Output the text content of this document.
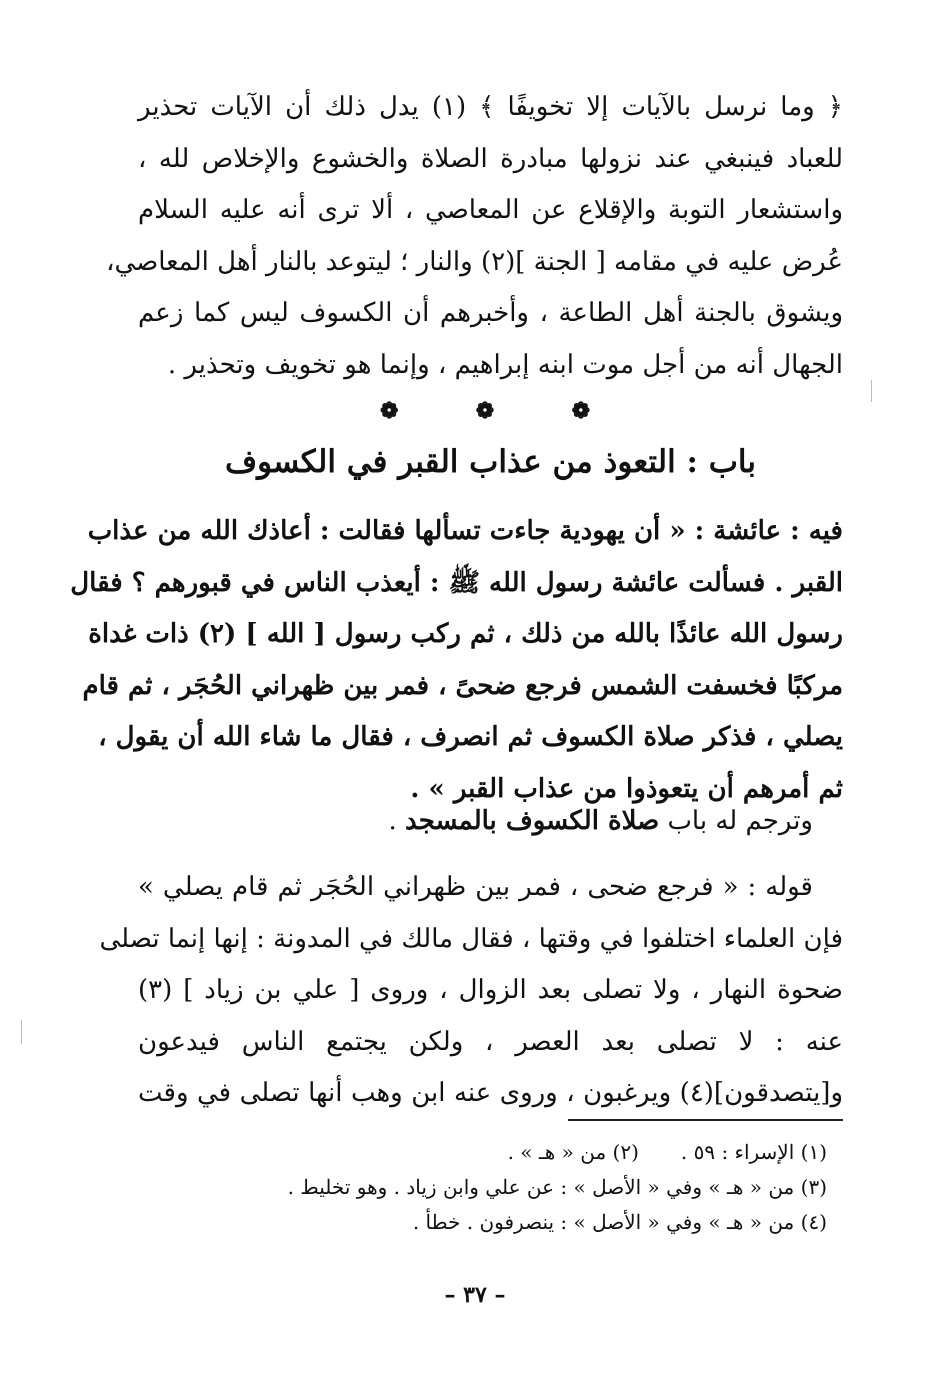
﴿ وما نرسل بالآيات إلا تخويفًا ﴾ (١) يدل ذلك أن الآيات تحذير
للعباد فينبغي عند نزولها مبادرة الصلاة والخشوع والإخلاص لله ،
واستشعار التوبة والإقلاع عن المعاصي ، ألا ترى أنه عليه السلام
عُرض عليه في مقامه [ الجنة ](٢) والنار ؛ ليتوعد بالنار أهل المعاصي،
ويشوق بالجنة أهل الطاعة ، وأخبرهم أن الكسوف ليس كما زعم
الجهال أنه من أجل موت ابنه إبراهيم ، وإنما هو تخويف وتحذير .
❁	❁	❁
باب : التعوذ من عذاب القبر في الكسوف
فيه : عائشة : « أن يهودية جاءت تسألها فقالت : أعاذك الله من عذاب
القبر . فسألت عائشة رسول الله ﷺ : أيعذب الناس في قبورهم ؟ فقال
رسول الله عائذًا بالله من ذلك ، ثم ركب رسول [ الله ] (٢) ذات غداة
مركبًا فخسفت الشمس فرجع ضحىً ، فمر بين ظهراني الحُجَر ، ثم قام
يصلي ، فذكر صلاة الكسوف ثم انصرف ، فقال ما شاء الله أن يقول ،
ثم أمرهم أن يتعوذوا من عذاب القبر » .
وترجم له باب صلاة الكسوف بالمسجد .
قوله : « فرجع ضحى ، فمر بين ظهراني الحُجَر ثم قام يصلي »
فإن العلماء اختلفوا في وقتها ، فقال مالك في المدونة : إنها إنما تصلى
ضحوة النهار ، ولا تصلى بعد الزوال ، وروى [ علي بن زياد ] (٣)
عنه : لا تصلى بعد العصر ، ولكن يجتمع الناس فيدعون
و[يتصدقون](٤) ويرغبون ، وروى عنه ابن وهب أنها تصلى في وقت
(١) الإسراء : ٥٩ .
(٢) من « هـ » .
(٣) من « هـ » وفي « الأصل » : عن علي وابن زياد . وهو تخليط .
(٤) من « هـ » وفي « الأصل » : ينصرفون . خطأ .
– ٣٧ –
